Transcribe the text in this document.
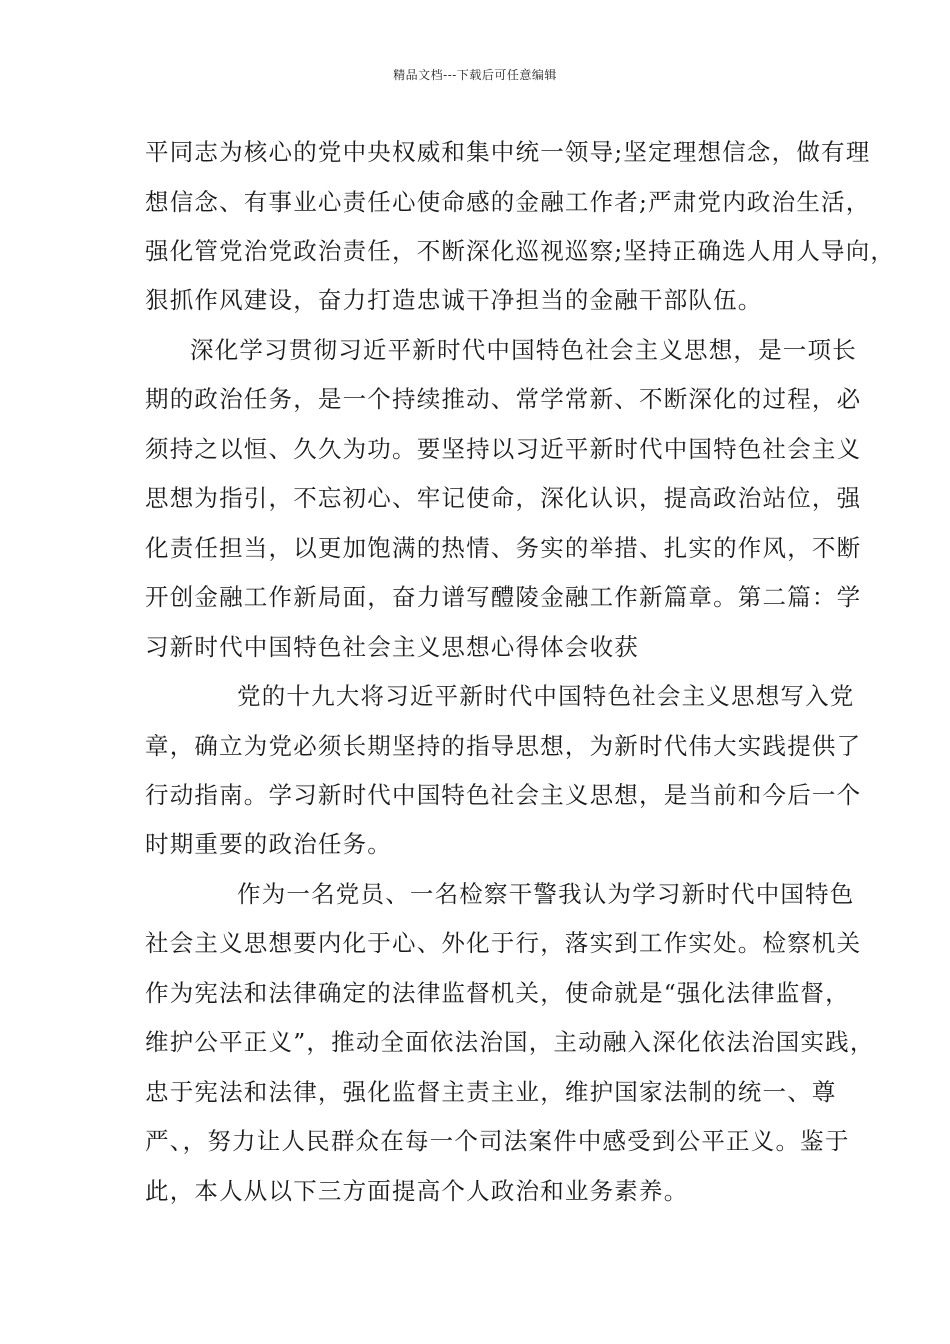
精品文档---下载后可任意编辑
平同志为核心的党中央权威和集中统一领导;坚定理想信念，做有理
想信念、有事业心责任心使命感的金融工作者;严肃党内政治生活，
强化管党治党政治责任，不断深化巡视巡察;坚持正确选人用人导向，
狠抓作风建设，奋力打造忠诚干净担当的金融干部队伍。
深化学习贯彻习近平新时代中国特色社会主义思想，是一项长
期的政治任务，是一个持续推动、常学常新、不断深化的过程，必
须持之以恒、久久为功。要坚持以习近平新时代中国特色社会主义
思想为指引，不忘初心、牢记使命，深化认识，提高政治站位，强
化责任担当，以更加饱满的热情、务实的举措、扎实的作风，不断
开创金融工作新局面，奋力谱写醴陵金融工作新篇章。第二篇：学
习新时代中国特色社会主义思想心得体会收获
党的十九大将习近平新时代中国特色社会主义思想写入党
章，确立为党必须长期坚持的指导思想，为新时代伟大实践提供了
行动指南。学习新时代中国特色社会主义思想，是当前和今后一个
时期重要的政治任务。
作为一名党员、一名检察干警我认为学习新时代中国特色
社会主义思想要内化于心、外化于行，落实到工作实处。检察机关
作为宪法和法律确定的法律监督机关，使命就是“强化法律监督，
维护公平正义”，推动全面依法治国，主动融入深化依法治国实践，
忠于宪法和法律，强化监督主责主业，维护国家法制的统一、尊
严、，努力让人民群众在每一个司法案件中感受到公平正义。鉴于
此，本人从以下三方面提高个人政治和业务素养。
